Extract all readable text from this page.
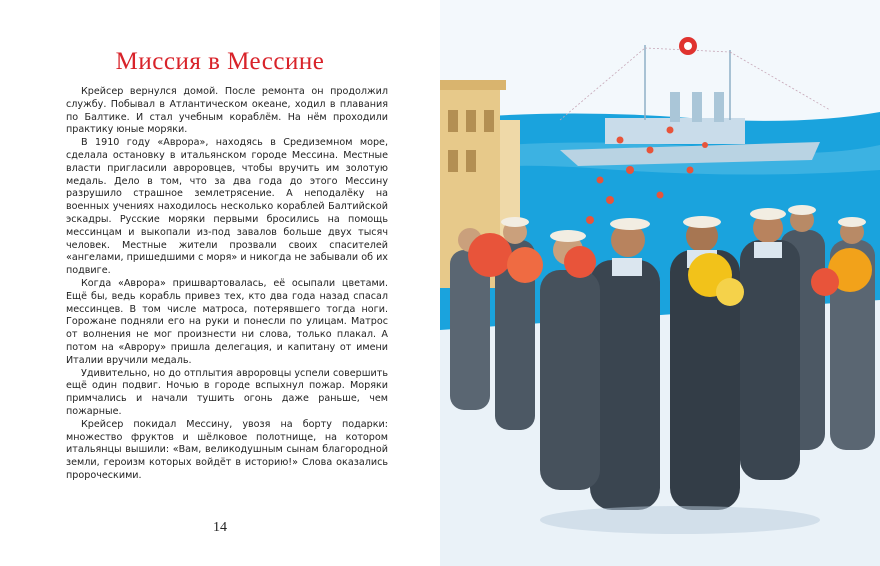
Миссия в Мессине

Крейсер вернулся домой. После ремонта он продолжил службу. Побывал в Атлантическом океане, ходил в плавания по Балтике. И стал учебным кораблём. На нём проходили практику юные моряки.

В 1910 году «Аврора», находясь в Средиземном море, сделала остановку в итальянском городе Мессина. Местные власти пригласили авроровцев, чтобы вручить им золотую медаль. Дело в том, что за два года до этого Мессину разрушило страшное землетрясение. А неподалёку на военных учениях находилось несколько кораблей Балтийской эскадры. Русские моряки первыми бросились на помощь мессинцам и выкопали из-под завалов больше двух тысяч человек. Местные жители прозвали своих спасителей «ангелами, пришедшими с моря» и никогда не забывали об их подвиге.

Когда «Аврора» пришвартовалась, её осыпали цветами. Ещё бы, ведь корабль привез тех, кто два года назад спасал мессинцев. В том числе матроса, потерявшего тогда ноги. Горожане подняли его на руки и понесли по улицам. Матрос от волнения не мог произнести ни слова, только плакал. А потом на «Аврору» пришла делегация, и капитану от имени Италии вручили медаль.

Удивительно, но до отплытия авроровцы успели совершить ещё один подвиг. Ночью в городе вспыхнул пожар. Моряки примчались и начали тушить огонь даже раньше, чем пожарные.

Крейсер покидал Мессину, увозя на борту подарки: множество фруктов и шёлковое полотнище, на котором итальянцы вышили: «Вам, великодушным сынам благородной земли, героизм которых войдёт в историю!» Слова оказались пророческими.

14
